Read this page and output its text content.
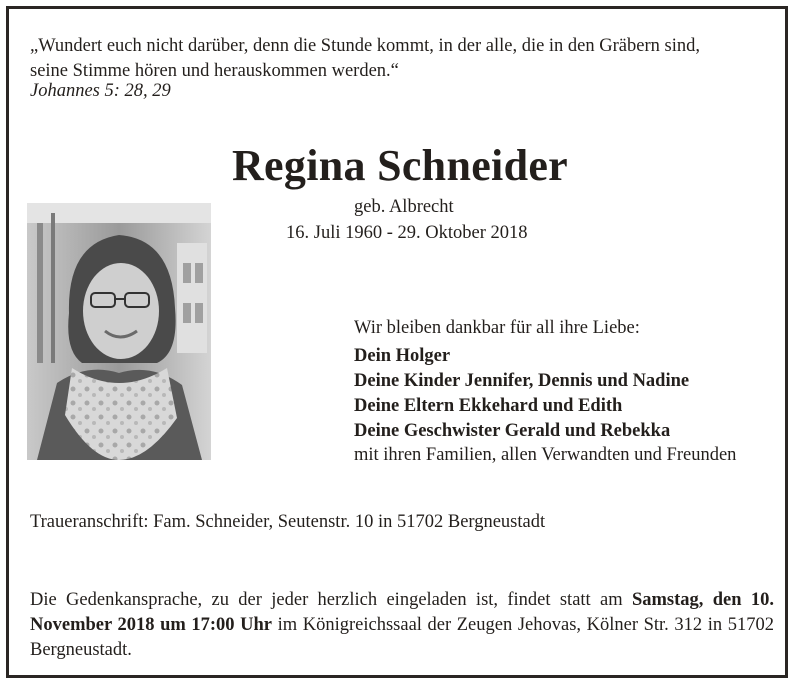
„Wundert euch nicht darüber, denn die Stunde kommt, in der alle, die in den Gräbern sind,
seine Stimme hören und herauskommen werden.“
Johannes 5: 28, 29
Regina Schneider
geb. Albrecht
16. Juli 1960 - 29. Oktober 2018
Wir bleiben dankbar für all ihre Liebe:
Dein Holger
Deine Kinder Jennifer, Dennis und Nadine
Deine Eltern Ekkehard und Edith
Deine Geschwister Gerald und Rebekka
mit ihren Familien, allen Verwandten und Freunden
Traueranschrift: Fam. Schneider, Seutenstr. 10 in 51702 Bergneustadt
Die Gedenkansprache, zu der jeder herzlich eingeladen ist, findet statt am Samstag, den 10. November 2018 um 17:00 Uhr im Königreichssaal der Zeugen Jehovas, Kölner Str. 312 in 51702 Bergneustadt.
